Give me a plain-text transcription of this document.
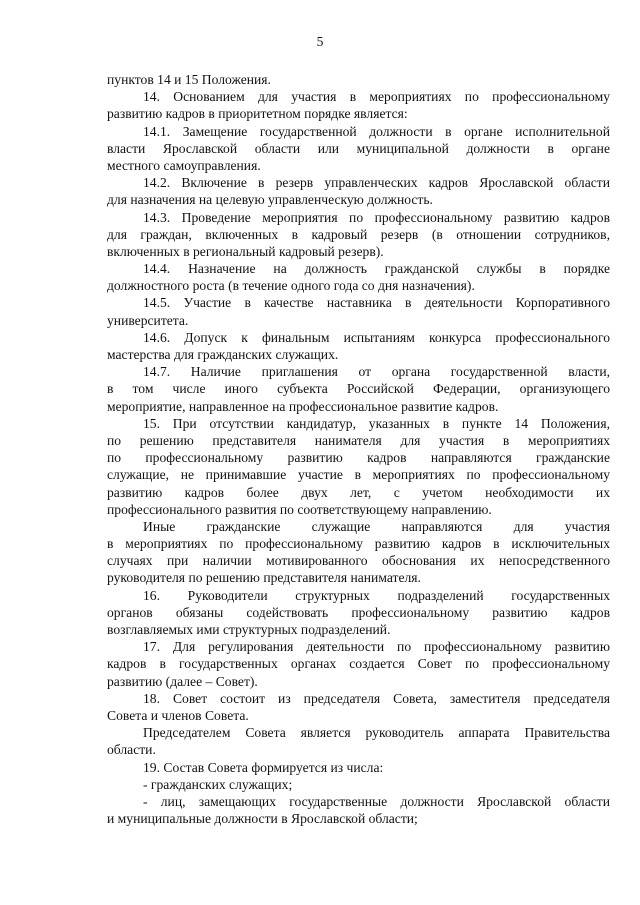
5
пунктов 14 и 15 Положения.
14. Основанием для участия в мероприятиях по профессиональному
развитию кадров в приоритетном порядке является:
14.1. Замещение государственной должности в органе исполнительной
власти Ярославской области или муниципальной должности в органе
местного самоуправления.
14.2. Включение в резерв управленческих кадров Ярославской области
для назначения на целевую управленческую должность.
14.3. Проведение мероприятия по профессиональному развитию кадров
для граждан, включенных в кадровый резерв (в отношении сотрудников,
включенных в региональный кадровый резерв).
14.4. Назначение на должность гражданской службы в порядке
должностного роста (в течение одного года со дня назначения).
14.5. Участие в качестве наставника в деятельности Корпоративного
университета.
14.6. Допуск к финальным испытаниям конкурса профессионального
мастерства для гражданских служащих.
14.7. Наличие приглашения от органа государственной власти,
в том числе иного субъекта Российской Федерации, организующего
мероприятие, направленное на профессиональное развитие кадров.
15. При отсутствии кандидатур, указанных в пункте 14 Положения,
по решению представителя нанимателя для участия в мероприятиях
по профессиональному развитию кадров направляются гражданские
служащие, не принимавшие участие в мероприятиях по профессиональному
развитию кадров более двух лет, с учетом необходимости их
профессионального развития по соответствующему направлению.
Иные гражданские служащие направляются для участия
в мероприятиях по профессиональному развитию кадров в исключительных
случаях при наличии мотивированного обоснования их непосредственного
руководителя по решению представителя нанимателя.
16. Руководители структурных подразделений государственных
органов обязаны содействовать профессиональному развитию кадров
возглавляемых ими структурных подразделений.
17. Для регулирования деятельности по профессиональному развитию
кадров в государственных органах создается Совет по профессиональному
развитию (далее – Совет).
18. Совет состоит из председателя Совета, заместителя председателя
Совета и членов Совета.
Председателем Совета является руководитель аппарата Правительства
области.
19. Состав Совета формируется из числа:
- гражданских служащих;
- лиц, замещающих государственные должности Ярославской области
и муниципальные должности в Ярославской области;
